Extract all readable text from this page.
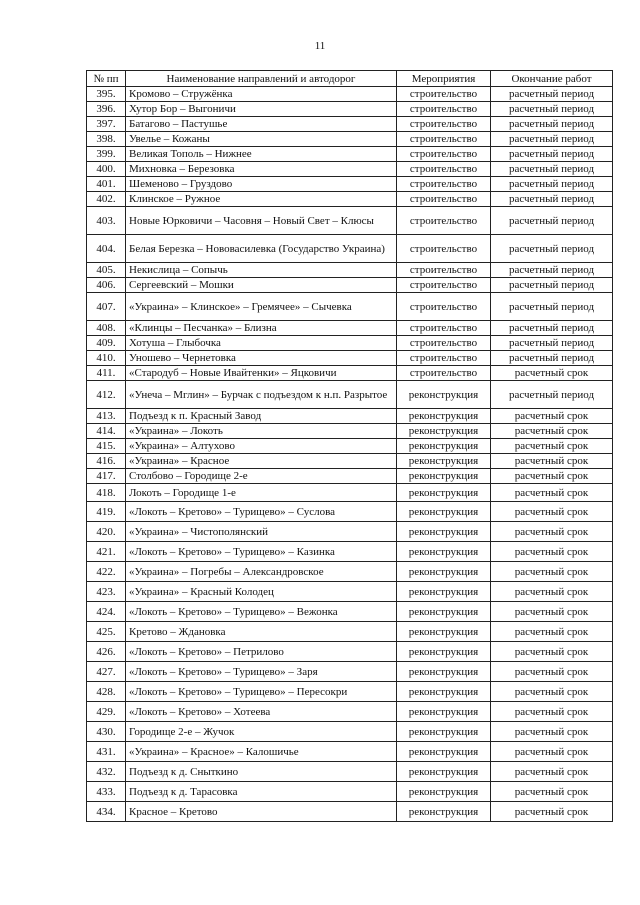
11
№ пп	Наименование направлений и автодорог	Мероприятия	Окончание работ
395.	Кромово – Стружёнка	строительство	расчетный период
396.	Хутор Бор – Выгоничи	строительство	расчетный период
397.	Батагово – Пастушье	строительство	расчетный период
398.	Увелье – Кожаны	строительство	расчетный период
399.	Великая Тополь – Нижнее	строительство	расчетный период
400.	Михновка – Березовка	строительство	расчетный период
401.	Шеменово – Груздово	строительство	расчетный период
402.	Клинское – Ружное	строительство	расчетный период
403.	Новые Юрковичи – Часовня – Новый Свет – Клюсы	строительство	расчетный период
404.	Белая Березка – Нововасилевка (Государство Украина)	строительство	расчетный период
405.	Некислица – Сопычь	строительство	расчетный период
406.	Сергеевский – Мошки	строительство	расчетный период
407.	«Украина» – Клинское» – Гремячее» – Сычевка	строительство	расчетный период
408.	«Клинцы – Песчанка» – Близна	строительство	расчетный период
409.	Хотуша – Глыбочка	строительство	расчетный период
410.	Уношево – Чернетовка	строительство	расчетный период
411.	«Стародуб – Новые Ивайтенки» – Яцковичи	строительство	расчетный срок
412.	«Унеча – Мглин» – Бурчак с подъездом к н.п. Разрытое	реконструкция	расчетный период
413.	Подъезд к п. Красный Завод	реконструкция	расчетный срок
414.	«Украина» – Локоть	реконструкция	расчетный срок
415.	«Украина» – Алтухово	реконструкция	расчетный срок
416.	«Украина» – Красное	реконструкция	расчетный срок
417.	Столбово – Городище 2-е	реконструкция	расчетный срок
418.	Локоть – Городище 1-е	реконструкция	расчетный срок
419.	«Локоть – Кретово» – Турищево» – Суслова	реконструкция	расчетный срок
420.	«Украина» – Чистополянский	реконструкция	расчетный срок
421.	«Локоть – Кретово» – Турищево» – Казинка	реконструкция	расчетный срок
422.	«Украина» – Погребы – Александровское	реконструкция	расчетный срок
423.	«Украина» – Красный Колодец	реконструкция	расчетный срок
424.	«Локоть – Кретово» – Турищево» – Вежонка	реконструкция	расчетный срок
425.	Кретово – Ждановка	реконструкция	расчетный срок
426.	«Локоть – Кретово» – Петрилово	реконструкция	расчетный срок
427.	«Локоть – Кретово» – Турищево» – Заря	реконструкция	расчетный срок
428.	«Локоть – Кретово» – Турищево» – Пересокри	реконструкция	расчетный срок
429.	«Локоть – Кретово» – Хотеева	реконструкция	расчетный срок
430.	Городище 2-е – Жучок	реконструкция	расчетный срок
431.	«Украина» – Красное» – Калошичье	реконструкция	расчетный срок
432.	Подъезд к д. Сныткино	реконструкция	расчетный срок
433.	Подъезд к д. Тарасовка	реконструкция	расчетный срок
434.	Красное – Кретово	реконструкция	расчетный срок
